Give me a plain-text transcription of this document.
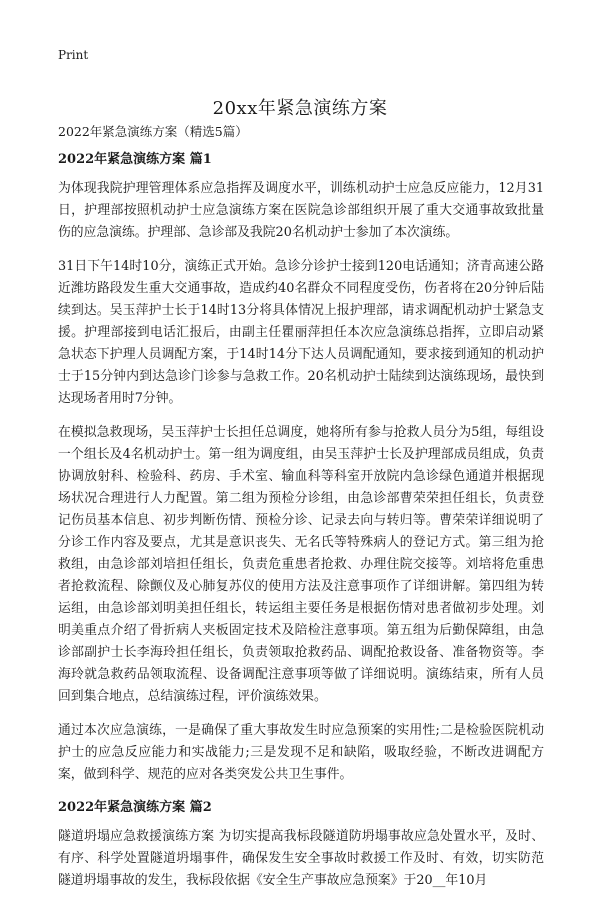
Print
20xx年紧急演练方案
2022年紧急演练方案（精选5篇）
2022年紧急演练方案 篇1

为体现我院护理管理体系应急指挥及调度水平，训练机动护士应急反应能力，12月31日，护理部按照机动护士应急演练方案在医院急诊部组织开展了重大交通事故致批量伤的应急演练。护理部、急诊部及我院20名机动护士参加了本次演练。

31日下午14时10分，演练正式开始。急诊分诊护士接到120电话通知；济青高速公路近潍坊路段发生重大交通事故，造成约40名群众不同程度受伤，伤者将在20分钟后陆续到达。吴玉萍护士长于14时13分将具体情况上报护理部，请求调配机动护士紧急支援。护理部接到电话汇报后，由副主任瞿丽萍担任本次应急演练总指挥，立即启动紧急状态下护理人员调配方案，于14时14分下达人员调配通知，要求接到通知的机动护士于15分钟内到达急诊门诊参与急救工作。20名机动护士陆续到达演练现场，最快到达现场者用时7分钟。

在模拟急救现场，吴玉萍护士长担任总调度，她将所有参与抢救人员分为5组，每组设一个组长及4名机动护士。第一组为调度组，由吴玉萍护士长及护理部成员组成，负责协调放射科、检验科、药房、手术室、输血科等科室开放院内急诊绿色通道并根据现场状况合理进行人力配置。第二组为预检分诊组，由急诊部曹荣荣担任组长，负责登记伤员基本信息、初步判断伤情、预检分诊、记录去向与转归等。曹荣荣详细说明了分诊工作内容及要点，尤其是意识丧失、无名氏等特殊病人的登记方式。第三组为抢救组，由急诊部刘培担任组长，负责危重患者抢救、办理住院交接等。刘培将危重患者抢救流程、除颤仪及心肺复苏仪的使用方法及注意事项作了详细讲解。第四组为转运组，由急诊部刘明美担任组长，转运组主要任务是根据伤情对患者做初步处理。刘明美重点介绍了骨折病人夹板固定技术及陪检注意事项。第五组为后勤保障组，由急诊部副护士长李海玲担任组长，负责领取抢救药品、调配抢救设备、准备物资等。李海玲就急救药品领取流程、设备调配注意事项等做了详细说明。演练结束，所有人员回到集合地点，总结演练过程，评价演练效果。

通过本次应急演练，一是确保了重大事故发生时应急预案的实用性;二是检验医院机动护士的应急反应能力和实战能力;三是发现不足和缺陷，吸取经验，不断改进调配方案，做到科学、规范的应对各类突发公共卫生事件。

2022年紧急演练方案 篇2

隧道坍塌应急救援演练方案 为切实提高我标段隧道防坍塌事故应急处置水平，及时、有序、科学处置隧道坍塌事件，确保发生安全事故时救援工作及时、有效，切实防范隧道坍塌事故的发生，我标段依据《安全生产事故应急预案》于20__年10月
